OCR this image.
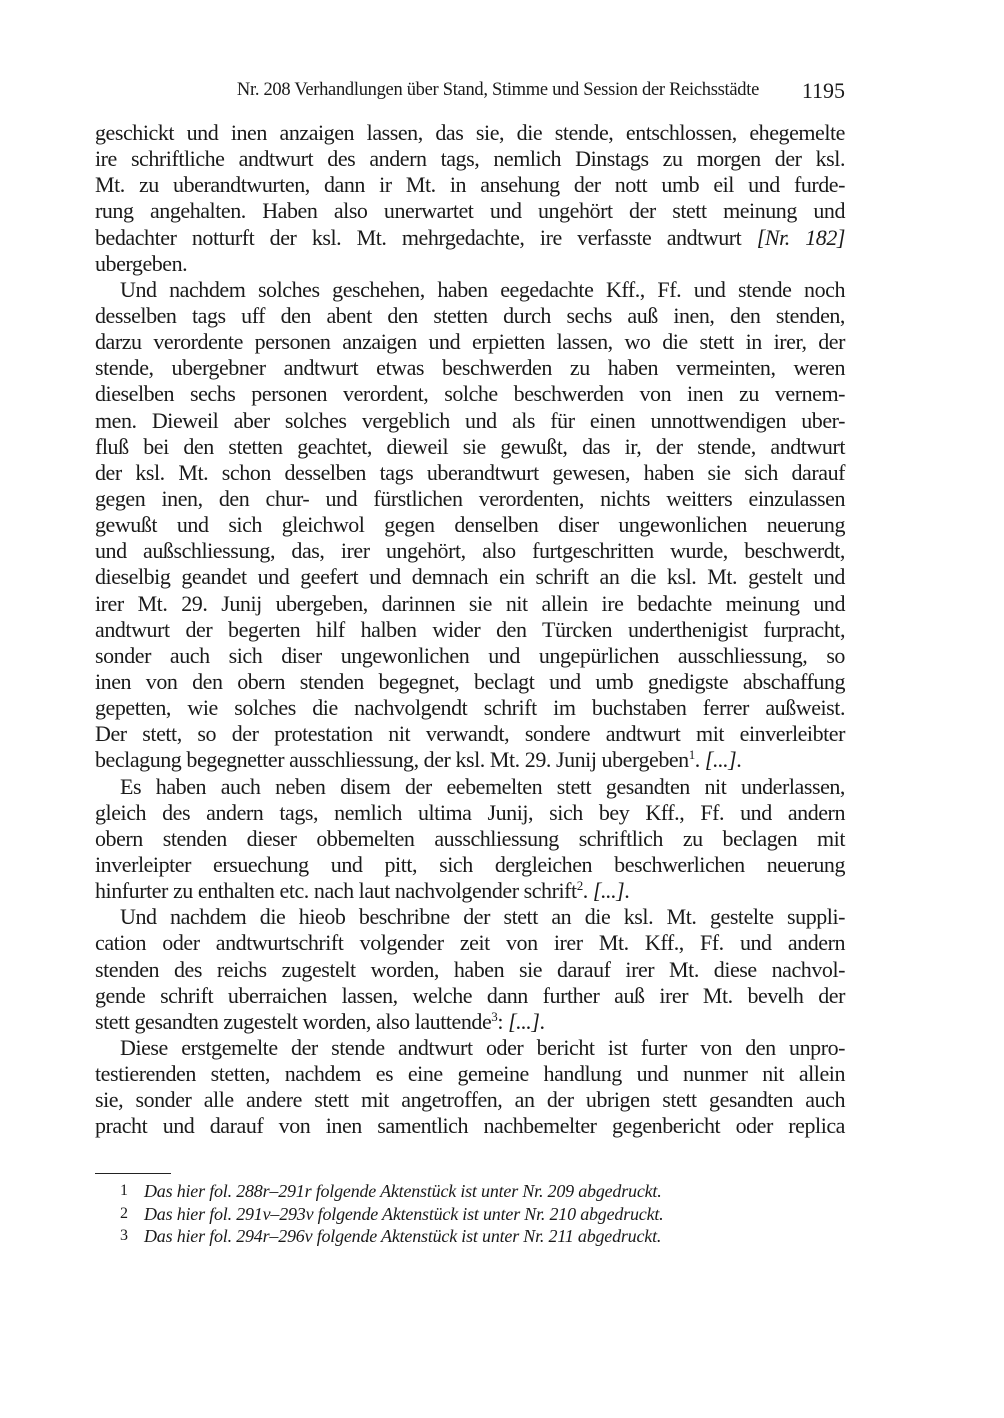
Nr. 208 Verhandlungen über Stand, Stimme und Session der Reichsstädte 1195
geschickt und inen anzaigen lassen, das sie, die stende, entschlossen, ehegemelte
ire schriftliche andtwurt des andern tags, nemlich Dinstags zu morgen der ksl.
Mt. zu uberandtwurten, dann ir Mt. in ansehung der nott umb eil und furde-
rung angehalten. Haben also unerwartet und ungehört der stett meinung und
bedachter notturft der ksl. Mt. mehrgedachte, ire verfasste andtwurt [Nr. 182]
ubergeben.
Und nachdem solches geschehen, haben eegedachte Kff., Ff. und stende noch
desselben tags uff den abent den stetten durch sechs auß inen, den stenden,
darzu verordente personen anzaigen und erpietten lassen, wo die stett in irer, der
stende, ubergebner andtwurt etwas beschwerden zu haben vermeinten, weren
dieselben sechs personen verordent, solche beschwerden von inen zu vernem-
men. Dieweil aber solches vergeblich und als für einen unnottwendigen uber-
fluß bei den stetten geachtet, dieweil sie gewußt, das ir, der stende, andtwurt
der ksl. Mt. schon desselben tags uberandtwurt gewesen, haben sie sich darauf
gegen inen, den chur- und fürstlichen verordenten, nichts weitters einzulassen
gewußt und sich gleichwol gegen denselben diser ungewonlichen neuerung
und außschliessung, das, irer ungehört, also furtgeschritten wurde, beschwerdt,
dieselbig geandet und geefert und demnach ein schrift an die ksl. Mt. gestelt und
irer Mt. 29. Junij ubergeben, darinnen sie nit allein ire bedachte meinung und
andtwurt der begerten hilf halben wider den Türcken underthenigist furpracht,
sonder auch sich diser ungewonlichen und ungepürlichen ausschliessung, so
inen von den obern stenden begegnet, beclagt und umb gnedigste abschaffung
gepetten, wie solches die nachvolgendt schrift im buchstaben ferrer außweist.
Der stett, so der protestation nit verwandt, sondere andtwurt mit einverleibter
beclagung begegnetter ausschliessung, der ksl. Mt. 29. Junij ubergeben$^1$. [...].
Es haben auch neben disem der eebemelten stett gesandten nit underlassen,
gleich des andern tags, nemlich ultima Junij, sich bey Kff., Ff. und andern
obern stenden dieser obbemelten ausschliessung schriftlich zu beclagen mit
inverleipter ersuechung und pitt, sich dergleichen beschwerlichen neuerung
hinfurter zu enthalten etc. nach laut nachvolgender schrift$^2$. [...].
Und nachdem die hieob beschribne der stett an die ksl. Mt. gestelte suppli-
cation oder andtwurtschrift volgender zeit von irer Mt. Kff., Ff. und andern
stenden des reichs zugestelt worden, haben sie darauf irer Mt. diese nachvol-
gende schrift uberraichen lassen, welche dann further auß irer Mt. bevelh der
stett gesandten zugestelt worden, also lauttende$^3$: [...].
Diese erstgemelte der stende andtwurt oder bericht ist furter von den unpro-
testierenden stetten, nachdem es eine gemeine handlung und nunmer nit allein
sie, sonder alle andere stett mit angetroffen, an der ubrigen stett gesandten auch
pracht und darauf von inen samentlich nachbemelter gegenbericht oder replica
1 Das hier fol. 288r–291r folgende Aktenstück ist unter Nr. 209 abgedruckt.
2 Das hier fol. 291v–293v folgende Aktenstück ist unter Nr. 210 abgedruckt.
3 Das hier fol. 294r–296v folgende Aktenstück ist unter Nr. 211 abgedruckt.
